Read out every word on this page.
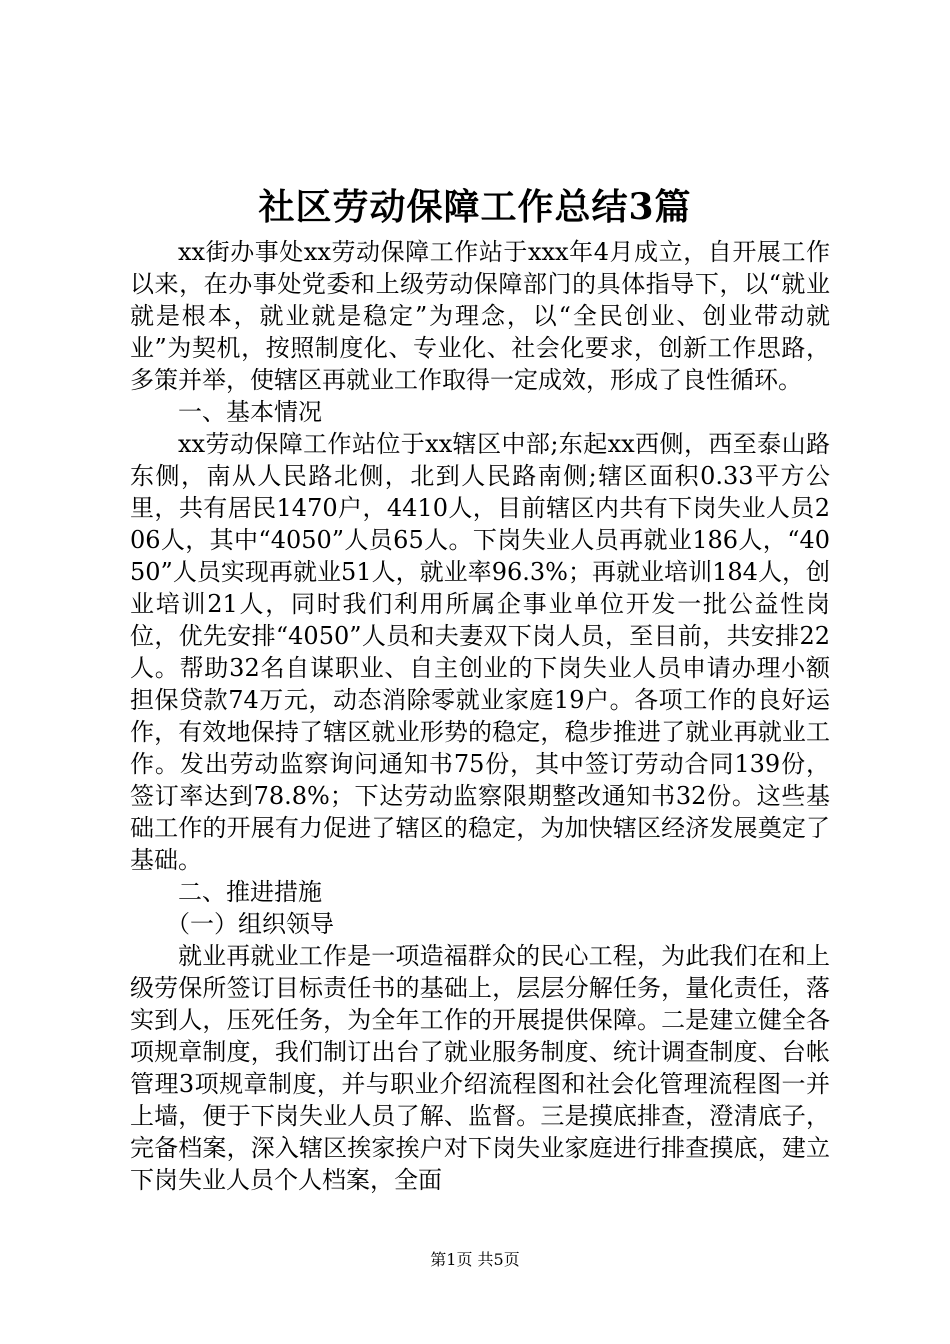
社区劳动保障工作总结3篇

xx街办事处xx劳动保障工作站于xxx年4月成立，自开展工作以来，在办事处党委和上级劳动保障部门的具体指导下，以“就业就是根本，就业就是稳定”为理念，以“全民创业、创业带动就业”为契机，按照制度化、专业化、社会化要求，创新工作思路，多策并举，使辖区再就业工作取得一定成效，形成了良性循环。

一、基本情况

xx劳动保障工作站位于xx辖区中部;东起xx西侧，西至泰山路东侧，南从人民路北侧，北到人民路南侧;辖区面积0.33平方公里，共有居民1470户，4410人，目前辖区内共有下岗失业人员206人，其中“4050”人员65人。下岗失业人员再就业186人，“4050”人员实现再就业51人，就业率96.3%；再就业培训184人，创业培训21人，同时我们利用所属企事业单位开发一批公益性岗位，优先安排“4050”人员和夫妻双下岗人员，至目前，共安排22人。帮助32名自谋职业、自主创业的下岗失业人员申请办理小额担保贷款74万元，动态消除零就业家庭19户。各项工作的良好运作，有效地保持了辖区就业形势的稳定，稳步推进了就业再就业工作。发出劳动监察询问通知书75份，其中签订劳动合同139份，签订率达到78.8%；下达劳动监察限期整改通知书32份。这些基础工作的开展有力促进了辖区的稳定，为加快辖区经济发展奠定了基础。

二、推进措施

（一）组织领导

就业再就业工作是一项造福群众的民心工程，为此我们在和上级劳保所签订目标责任书的基础上，层层分解任务，量化责任，落实到人，压死任务，为全年工作的开展提供保障。二是建立健全各项规章制度，我们制订出台了就业服务制度、统计调查制度、台帐管理3项规章制度，并与职业介绍流程图和社会化管理流程图一并上墙，便于下岗失业人员了解、监督。三是摸底排查，澄清底子，完备档案，深入辖区挨家挨户对下岗失业家庭进行排查摸底，建立下岗失业人员个人档案，全面

第1页 共5页
